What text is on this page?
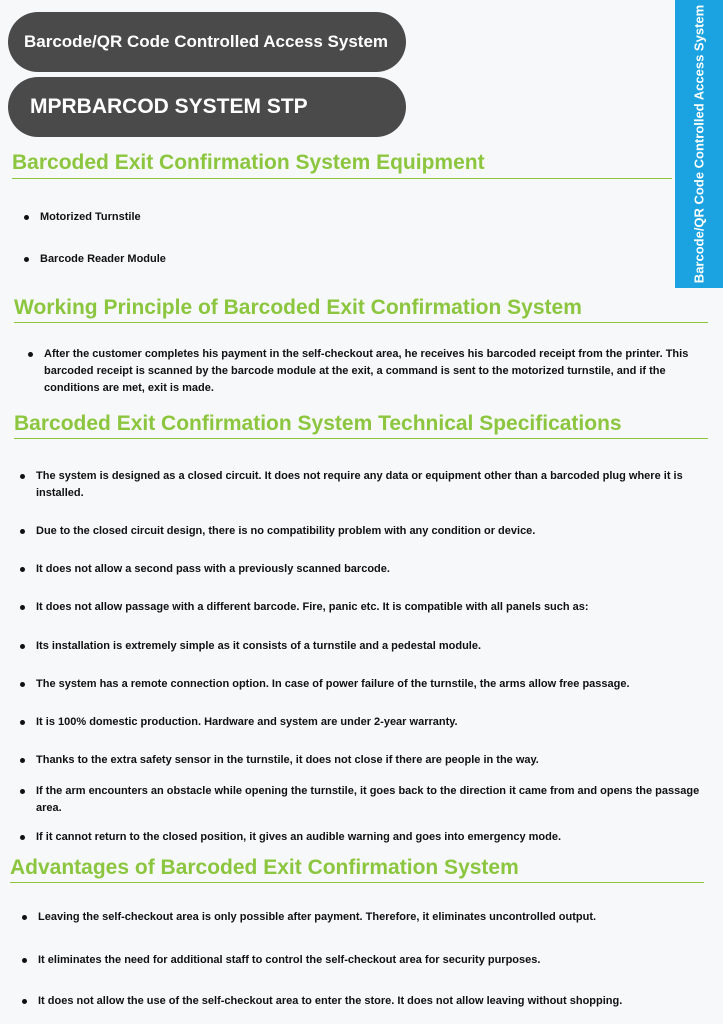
Barcode/QR Code Controlled Access System
MPRBARCOD SYSTEM STP	Barcode/QR Code Controlled Access System
Barcoded Exit Confirmation System Equipment
Motorized Turnstile
Barcode Reader Module
Working Principle of Barcoded Exit Confirmation System
After the customer completes his payment in the self-checkout area, he receives his barcoded receipt from the printer. This barcoded receipt is scanned by the barcode module at the exit, a command is sent to the motorized turnstile, and if the conditions are met, exit is made.
Barcoded Exit Confirmation System Technical Specifications
The system is designed as a closed circuit. It does not require any data or equipment other than a barcoded plug where it is installed.
Due to the closed circuit design, there is no compatibility problem with any condition or device.
It does not allow a second pass with a previously scanned barcode.
It does not allow passage with a different barcode. Fire, panic etc. It is compatible with all panels such as:
Its installation is extremely simple as it consists of a turnstile and a pedestal module.
The system has a remote connection option. In case of power failure of the turnstile, the arms allow free passage.
It is 100% domestic production. Hardware and system are under 2-year warranty.
Thanks to the extra safety sensor in the turnstile, it does not close if there are people in the way.
If the arm encounters an obstacle while opening the turnstile, it goes back to the direction it came from and opens the passage area.
If it cannot return to the closed position, it gives an audible warning and goes into emergency mode.
Advantages of Barcoded Exit Confirmation System
Leaving the self-checkout area is only possible after payment. Therefore, it eliminates uncontrolled output.
It eliminates the need for additional staff to control the self-checkout area for security purposes.
It does not allow the use of the self-checkout area to enter the store. It does not allow leaving without shopping.
